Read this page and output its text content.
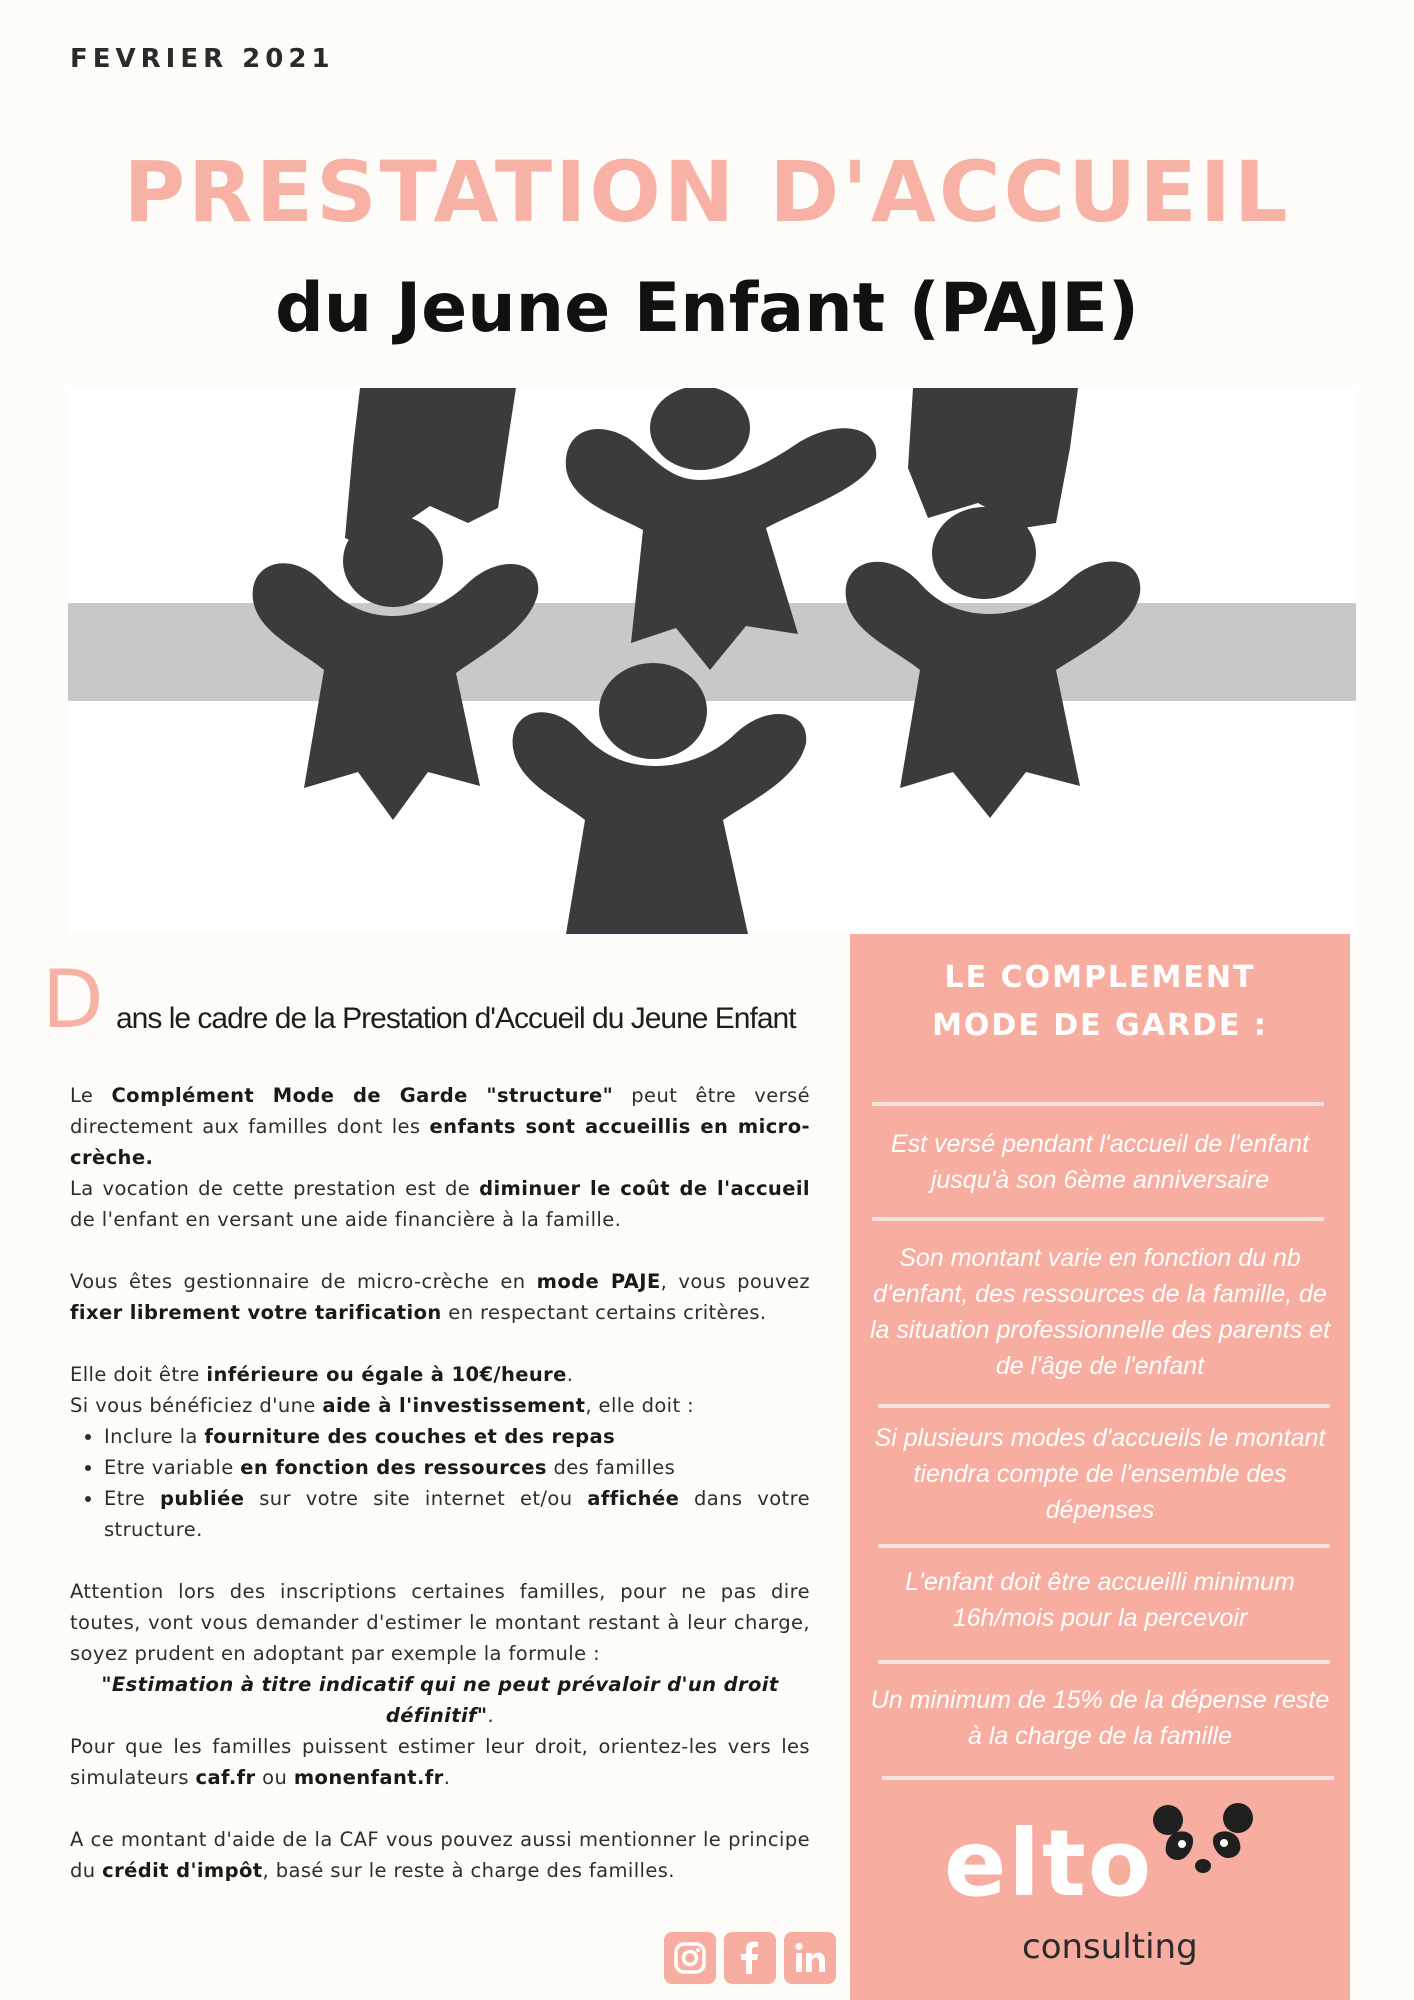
FEVRIER 2021
PRESTATION D'ACCUEIL
du Jeune Enfant (PAJE)
D ans le cadre de la Prestation d'Accueil du Jeune Enfant

Le Complément Mode de Garde "structure" peut être versé directement aux familles dont les enfants sont accueillis en micro-crèche.

La vocation de cette prestation est de diminuer le coût de l'accueil de l'enfant en versant une aide financière à la famille.

Vous êtes gestionnaire de micro-crèche en mode PAJE, vous pouvez fixer librement votre tarification en respectant certains critères.

Elle doit être inférieure ou égale à 10€/heure.

Si vous bénéficiez d'une aide à l'investissement, elle doit :

• Inclure la fourniture des couches et des repas
• Etre variable en fonction des ressources des familles
• Etre publiée sur votre site internet et/ou affichée dans votre structure.

Attention lors des inscriptions certaines familles, pour ne pas dire toutes, vont vous demander d'estimer le montant restant à leur charge, soyez prudent en adoptant par exemple la formule :

"Estimation à titre indicatif qui ne peut prévaloir d'un droit définitif".

Pour que les familles puissent estimer leur droit, orientez-les vers les simulateurs caf.fr ou monenfant.fr.

A ce montant d'aide de la CAF vous pouvez aussi mentionner le principe du crédit d'impôt, basé sur le reste à charge des familles.

LE COMPLEMENT
MODE DE GARDE :
Est versé pendant l'accueil de l'enfant jusqu'à son 6ème anniversaire
Son montant varie en fonction du nb d'enfant, des ressources de la famille, de la situation professionnelle des parents et de l'âge de l'enfant
Si plusieurs modes d'accueils le montant tiendra compte de l'ensemble des dépenses
L'enfant doit être accueilli minimum 16h/mois pour la percevoir
Un minimum de 15% de la dépense reste à la charge de la famille
elto
consulting
